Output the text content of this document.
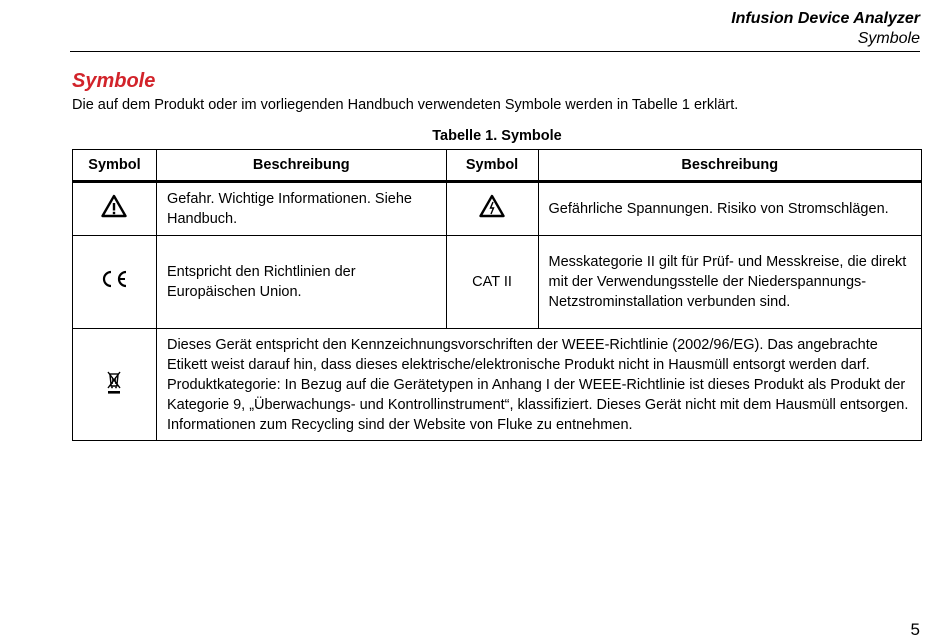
Infusion Device Analyzer
Symbole
Symbole
Die auf dem Produkt oder im vorliegenden Handbuch verwendeten Symbole werden in Tabelle 1 erklärt.
Tabelle 1. Symbole
Symbol	Beschreibung	Symbol	Beschreibung
	Gefahr. Wichtige Informationen. Siehe Handbuch.		Gefährliche Spannungen. Risiko von Stromschlägen.
	Entspricht den Richtlinien der Europäischen Union.	CAT II	Messkategorie II gilt für Prüf- und Messkreise, die direkt mit der Verwendungsstelle der Niederspannungs-Netzstrominstallation verbunden sind.
	Dieses Gerät entspricht den Kennzeichnungsvorschriften der WEEE-Richtlinie (2002/96/EG). Das angebrachte Etikett weist darauf hin, dass dieses elektrische/elektronische Produkt nicht in Hausmüll entsorgt werden darf. Produktkategorie: In Bezug auf die Gerätetypen in Anhang I der WEEE-Richtlinie ist dieses Produkt als Produkt der Kategorie 9, „Überwachungs- und Kontrollinstrument“, klassifiziert. Dieses Gerät nicht mit dem Hausmüll entsorgen. Informationen zum Recycling sind der Website von Fluke zu entnehmen.		
5
